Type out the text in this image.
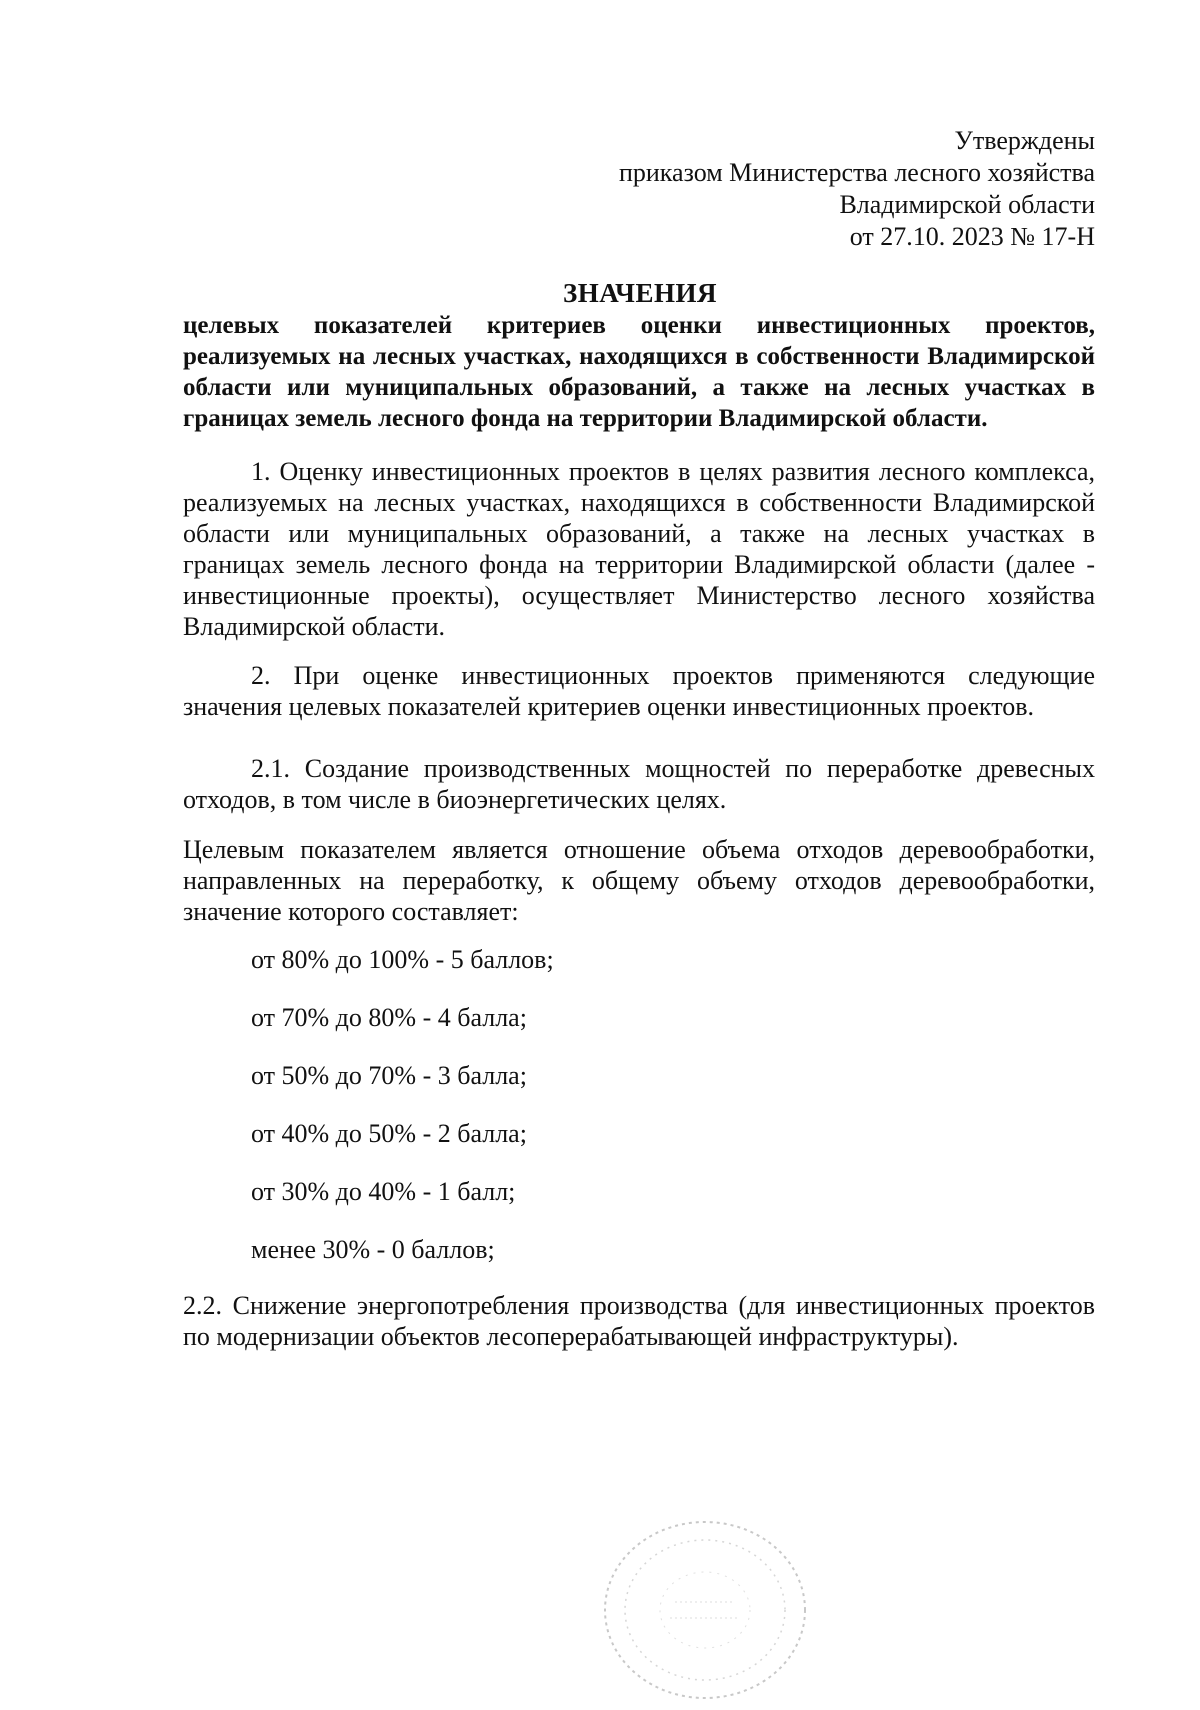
Утверждены
приказом Министерства лесного хозяйства
Владимирской области
от 27.10. 2023 № 17-Н
ЗНАЧЕНИЯ
целевых показателей критериев оценки инвестиционных проектов, реализуемых на лесных участках, находящихся в собственности Владимирской области или муниципальных образований, а также на лесных участках в границах земель лесного фонда на территории Владимирской области.

1. Оценку инвестиционных проектов в целях развития лесного комплекса, реализуемых на лесных участках, находящихся в собственности Владимирской области или муниципальных образований, а также на лесных участках в границах земель лесного фонда на территории Владимирской области (далее - инвестиционные проекты), осуществляет Министерство лесного хозяйства Владимирской области.

2. При оценке инвестиционных проектов применяются следующие значения целевых показателей критериев оценки инвестиционных проектов.

2.1. Создание производственных мощностей по переработке древесных отходов, в том числе в биоэнергетических целях.

Целевым показателем является отношение объема отходов деревообработки, направленных на переработку, к общему объему отходов деревообработки, значение которого составляет:

от 80% до 100% - 5 баллов;
от 70% до 80% - 4 балла;
от 50% до 70% - 3 балла;
от 40% до 50% - 2 балла;
от 30% до 40% - 1 балл;
менее 30% - 0 баллов;

2.2. Снижение энергопотребления производства (для инвестиционных проектов по модернизации объектов лесоперерабатывающей инфраструктуры).
